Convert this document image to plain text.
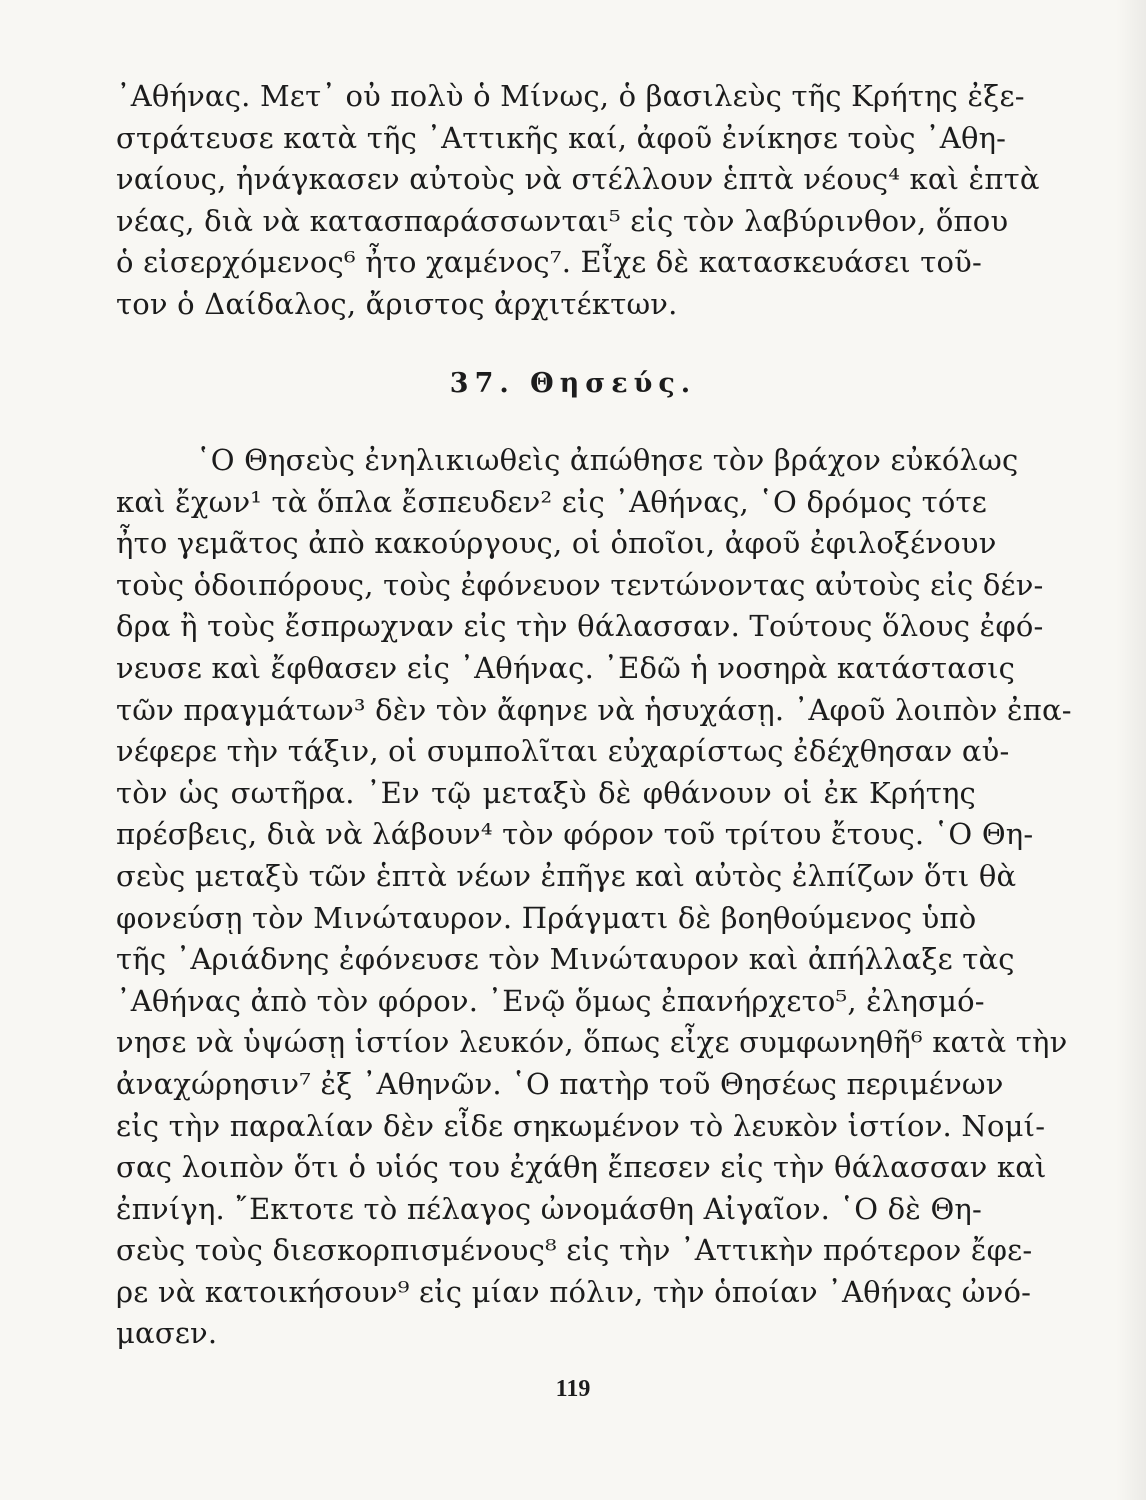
᾿Αθήνας. Μετ᾿ οὐ πολὺ ὁ Μίνως, ὁ βασιλεὺς τῆς Κρήτης ἐξε-
στράτευσε κατὰ τῆς ᾿Αττικῆς καί, ἀφοῦ ἐνίκησε τοὺς ᾿Αθη-
ναίους, ἠνάγκασεν αὐτοὺς νὰ στέλλουν ἑπτὰ νέους⁴ καὶ ἑπτὰ
νέας, διὰ νὰ κατασπαράσσωνται⁵ εἰς τὸν λαβύρινθον, ὅπου
ὁ εἰσερχόμενος⁶ ἦτο χαμένος⁷. Εἶχε δὲ κατασκευάσει τοῦ-
τον ὁ Δαίδαλος, ἄριστος ἀρχιτέκτων.
37. Θησεύς.
῾Ο Θησεὺς ἐνηλικιωθεὶς ἀπώθησε τὸν βράχον εὐκόλως
καὶ ἔχων¹ τὰ ὅπλα ἔσπευδεν² εἰς ᾿Αθήνας, ῾Ο δρόμος τότε
ἦτο γεμᾶτος ἀπὸ κακούργους, οἱ ὁποῖοι, ἀφοῦ ἐφιλοξένουν
τοὺς ὁδοιπόρους, τοὺς ἐφόνευον τεντώνοντας αὐτοὺς εἰς δέν-
δρα ἢ τοὺς ἔσπρωχναν εἰς τὴν θάλασσαν. Τούτους ὅλους ἐφό-
νευσε καὶ ἔφθασεν εἰς ᾿Αθήνας. ᾿Εδῶ ἡ νοσηρὰ κατάστασις
τῶν πραγμάτων³ δὲν τὸν ἄφηνε νὰ ἡσυχάσῃ. ᾿Αφοῦ λοιπὸν ἐπα-
νέφερε τὴν τάξιν, οἱ συμπολῖται εὐχαρίστως ἐδέχθησαν αὐ-
τὸν ὡς σωτῆρα. ᾿Εν τῷ μεταξὺ δὲ φθάνουν οἱ ἐκ Κρήτης
πρέσβεις, διὰ νὰ λάβουν⁴ τὸν φόρον τοῦ τρίτου ἔτους. ῾Ο Θη-
σεὺς μεταξὺ τῶν ἑπτὰ νέων ἐπῆγε καὶ αὐτὸς ἐλπίζων ὅτι θὰ
φονεύσῃ τὸν Μινώταυρον. Πράγματι δὲ βοηθούμενος ὑπὸ
τῆς ᾿Αριάδνης ἐφόνευσε τὸν Μινώταυρον καὶ ἀπήλλαξε τὰς
᾿Αθήνας ἀπὸ τὸν φόρον. ᾿Ενῷ ὅμως ἐπανήρχετο⁵, ἐλησμό-
νησε νὰ ὑψώσῃ ἱστίον λευκόν, ὅπως εἶχε συμφωνηθῆ⁶ κατὰ τὴν
ἀναχώρησιν⁷ ἐξ ᾿Αθηνῶν. ῾Ο πατὴρ τοῦ Θησέως περιμένων
εἰς τὴν παραλίαν δὲν εἶδε σηκωμένον τὸ λευκὸν ἱστίον. Νομί-
σας λοιπὸν ὅτι ὁ υἱός του ἐχάθη ἔπεσεν εἰς τὴν θάλασσαν καὶ
ἐπνίγη. ῎Εκτοτε τὸ πέλαγος ὠνομάσθη Αἰγαῖον. ῾Ο δὲ Θη-
σεὺς τοὺς διεσκορπισμένους⁸ εἰς τὴν ᾿Αττικὴν πρότερον ἔφε-
ρε νὰ κατοικήσουν⁹ εἰς μίαν πόλιν, τὴν ὁποίαν ᾿Αθήνας ὠνό-
μασεν.
119
